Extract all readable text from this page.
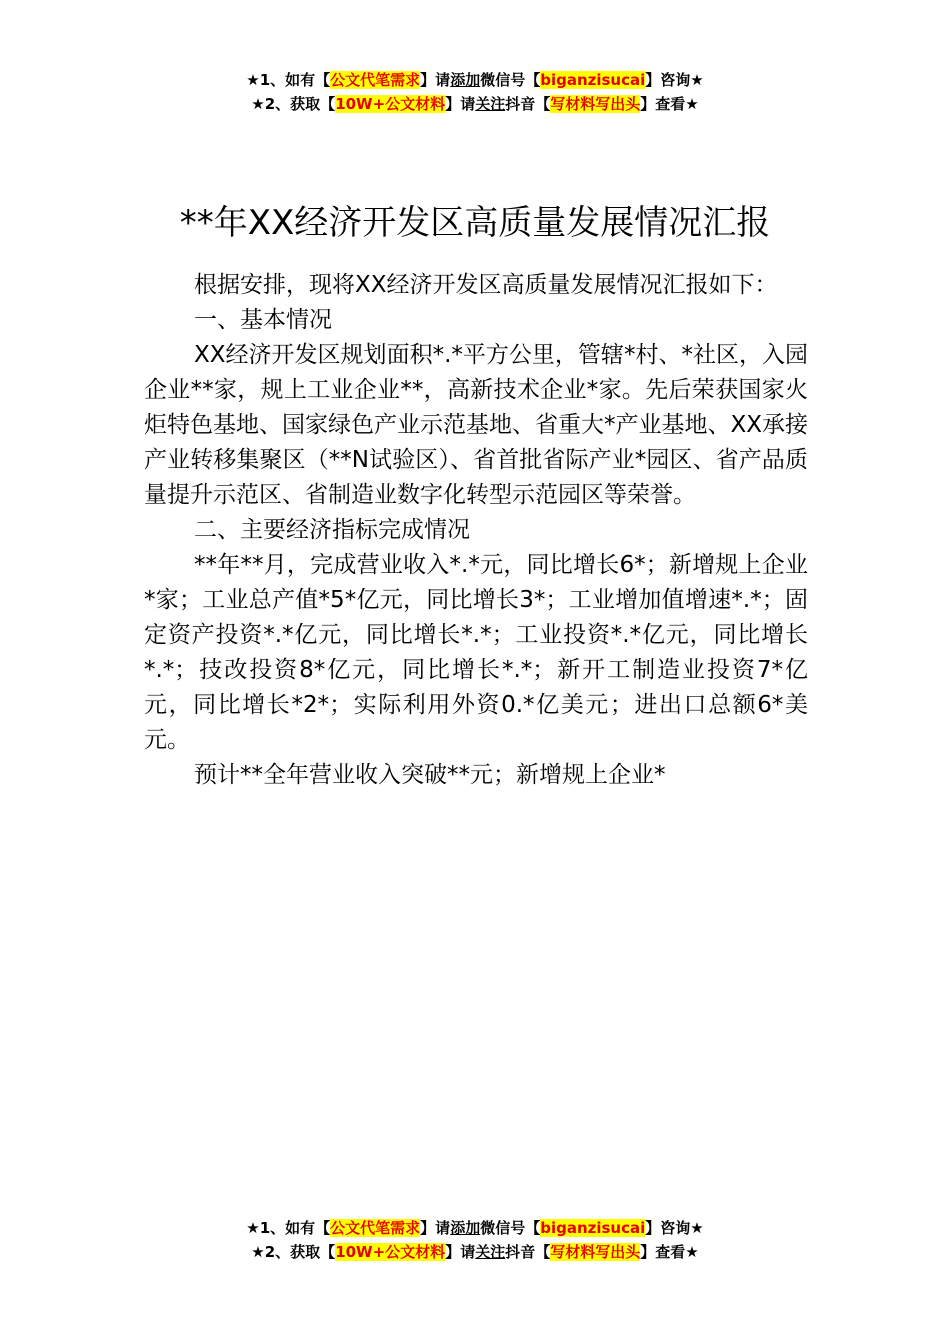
★1、如有【公文代笔需求】请添加微信号【biganzisucai】咨询★
★2、获取【10W+公文材料】请关注抖音【写材料写出头】查看★
**年XX经济开发区高质量发展情况汇报

根据安排，现将XX经济开发区高质量发展情况汇报如下：

一、基本情况

XX经济开发区规划面积*.*平方公里，管辖*村、*社区，入园企业**家，规上工业企业**，高新技术企业*家。先后荣获国家火炬特色基地、国家绿色产业示范基地、省重大*产业基地、XX承接产业转移集聚区（**N试验区）、省首批省际产业*园区、省产品质量提升示范区、省制造业数字化转型示范园区等荣誉。

二、主要经济指标完成情况

**年**月，完成营业收入*.*元，同比增长6*；新增规上企业*家；工业总产值*5*亿元，同比增长3*；工业增加值增速*.*；固定资产投资*.*亿元，同比增长*.*；工业投资*.*亿元，同比增长*.*；技改投资8*亿元，同比增长*.*；新开工制造业投资7*亿元，同比增长*2*；实际利用外资0.*亿美元；进出口总额6*美元。

预计**全年营业收入突破**元；新增规上企业*

★1、如有【公文代笔需求】请添加微信号【biganzisucai】咨询★
★2、获取【10W+公文材料】请关注抖音【写材料写出头】查看★
